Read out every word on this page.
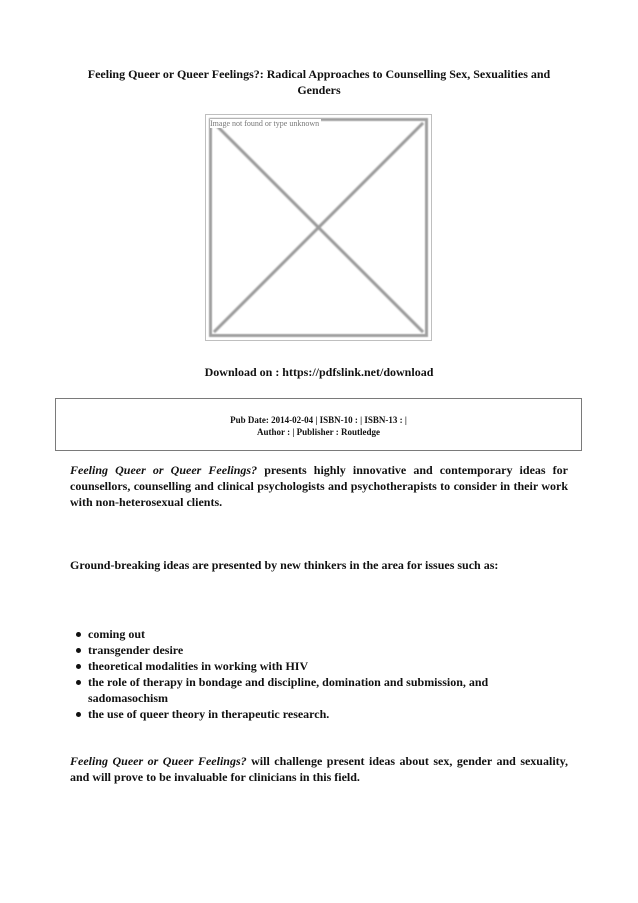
Feeling Queer or Queer Feelings?: Radical Approaches to Counselling Sex, Sexualities and Genders
Image not found or type unknown
Download on : https://pdfslink.net/download
Pub Date: 2014-02-04 | ISBN-10 : | ISBN-13 : |
Author : | Publisher : Routledge

Feeling Queer or Queer Feelings? presents highly innovative and contemporary ideas for counsellors, counselling and clinical psychologists and psychotherapists to consider in their work with non-heterosexual clients.

Ground-breaking ideas are presented by new thinkers in the area for issues such as:

coming out
transgender desire
theoretical modalities in working with HIV
the role of therapy in bondage and discipline, domination and submission, and sadomasochism
the use of queer theory in therapeutic research.

Feeling Queer or Queer Feelings? will challenge present ideas about sex, gender and sexuality, and will prove to be invaluable for clinicians in this field.
